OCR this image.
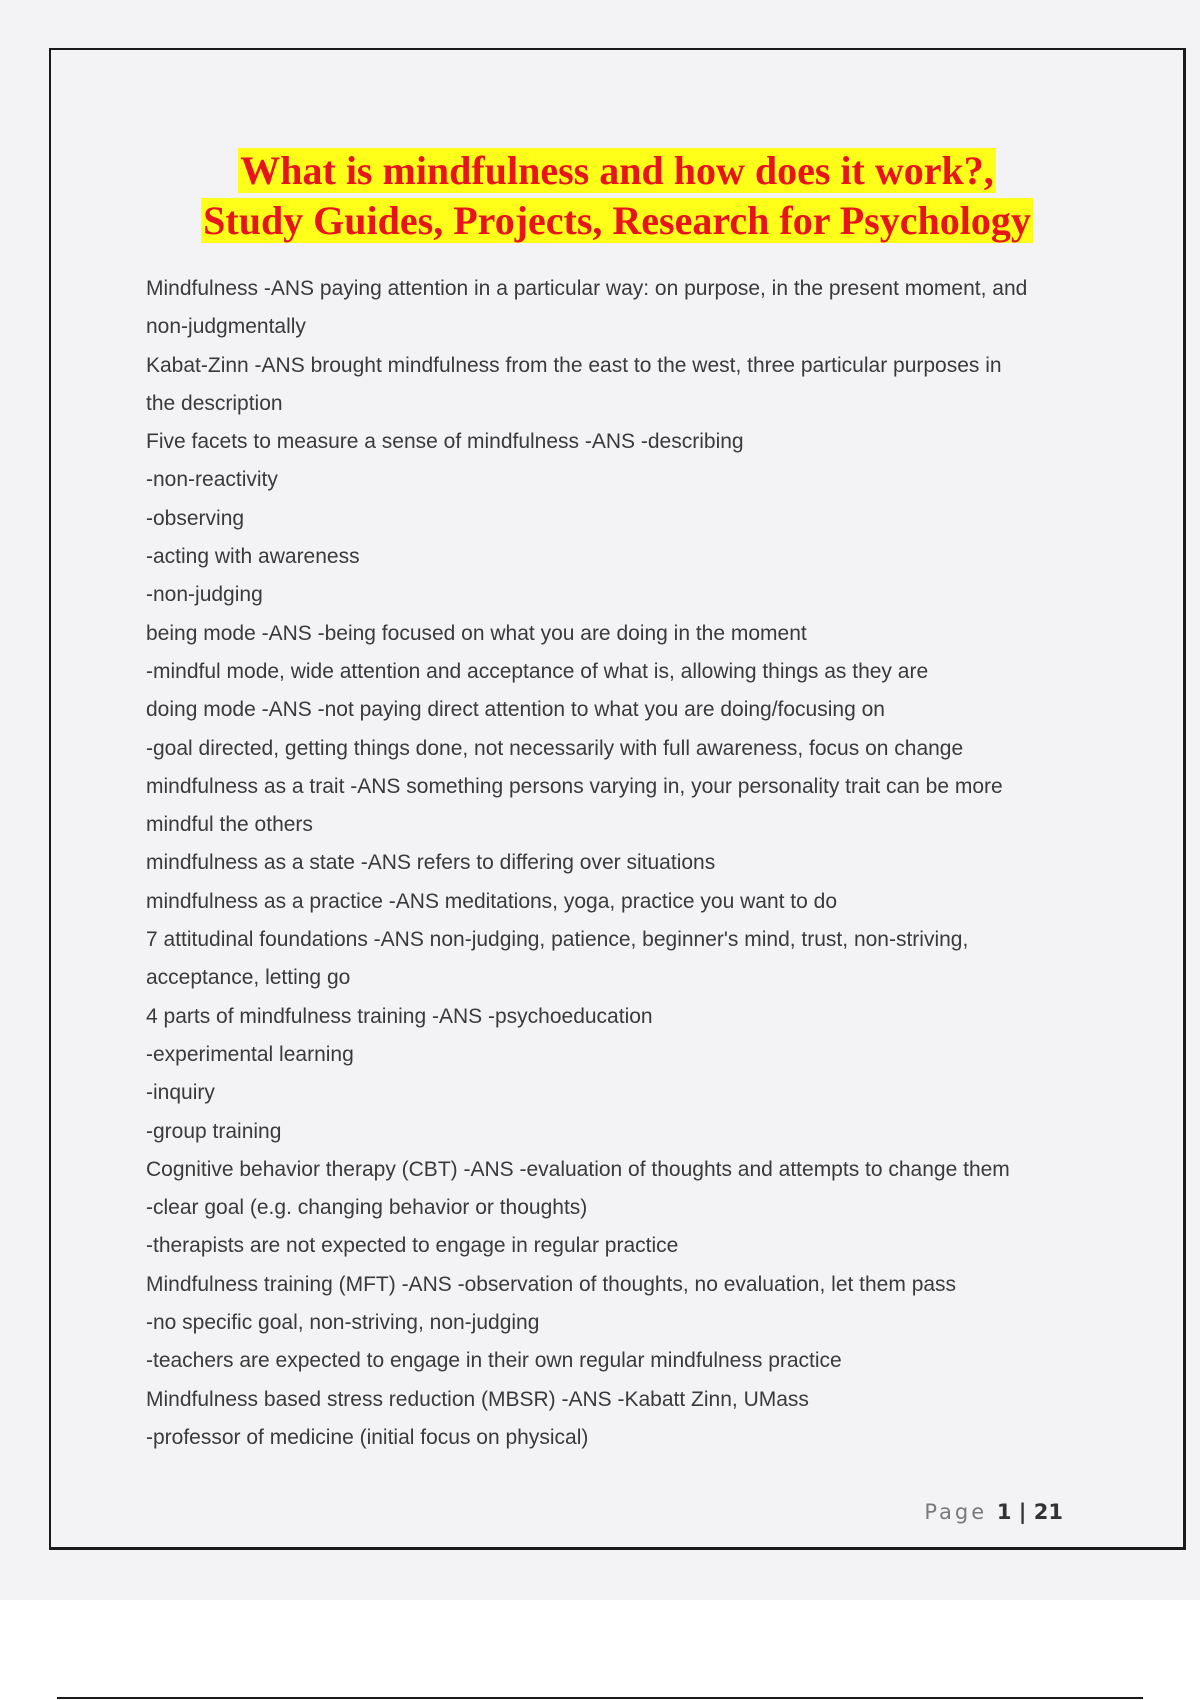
What is mindfulness and how does it work?,
Study Guides, Projects, Research for Psychology
Mindfulness -ANS paying attention in a particular way: on purpose, in the present moment, and
non-judgmentally
Kabat-Zinn -ANS brought mindfulness from the east to the west, three particular purposes in
the description
Five facets to measure a sense of mindfulness -ANS -describing
-non-reactivity
-observing
-acting with awareness
-non-judging
being mode -ANS -being focused on what you are doing in the moment
-mindful mode, wide attention and acceptance of what is, allowing things as they are
doing mode -ANS -not paying direct attention to what you are doing/focusing on
-goal directed, getting things done, not necessarily with full awareness, focus on change
mindfulness as a trait -ANS something persons varying in, your personality trait can be more
mindful the others
mindfulness as a state -ANS refers to differing over situations
mindfulness as a practice -ANS meditations, yoga, practice you want to do
7 attitudinal foundations -ANS non-judging, patience, beginner's mind, trust, non-striving,
acceptance, letting go
4 parts of mindfulness training -ANS -psychoeducation
-experimental learning
-inquiry
-group training
Cognitive behavior therapy (CBT) -ANS -evaluation of thoughts and attempts to change them
-clear goal (e.g. changing behavior or thoughts)
-therapists are not expected to engage in regular practice
Mindfulness training (MFT) -ANS -observation of thoughts, no evaluation, let them pass
-no specific goal, non-striving, non-judging
-teachers are expected to engage in their own regular mindfulness practice
Mindfulness based stress reduction (MBSR) -ANS -Kabatt Zinn, UMass
-professor of medicine (initial focus on physical)
Page 1 | 21
